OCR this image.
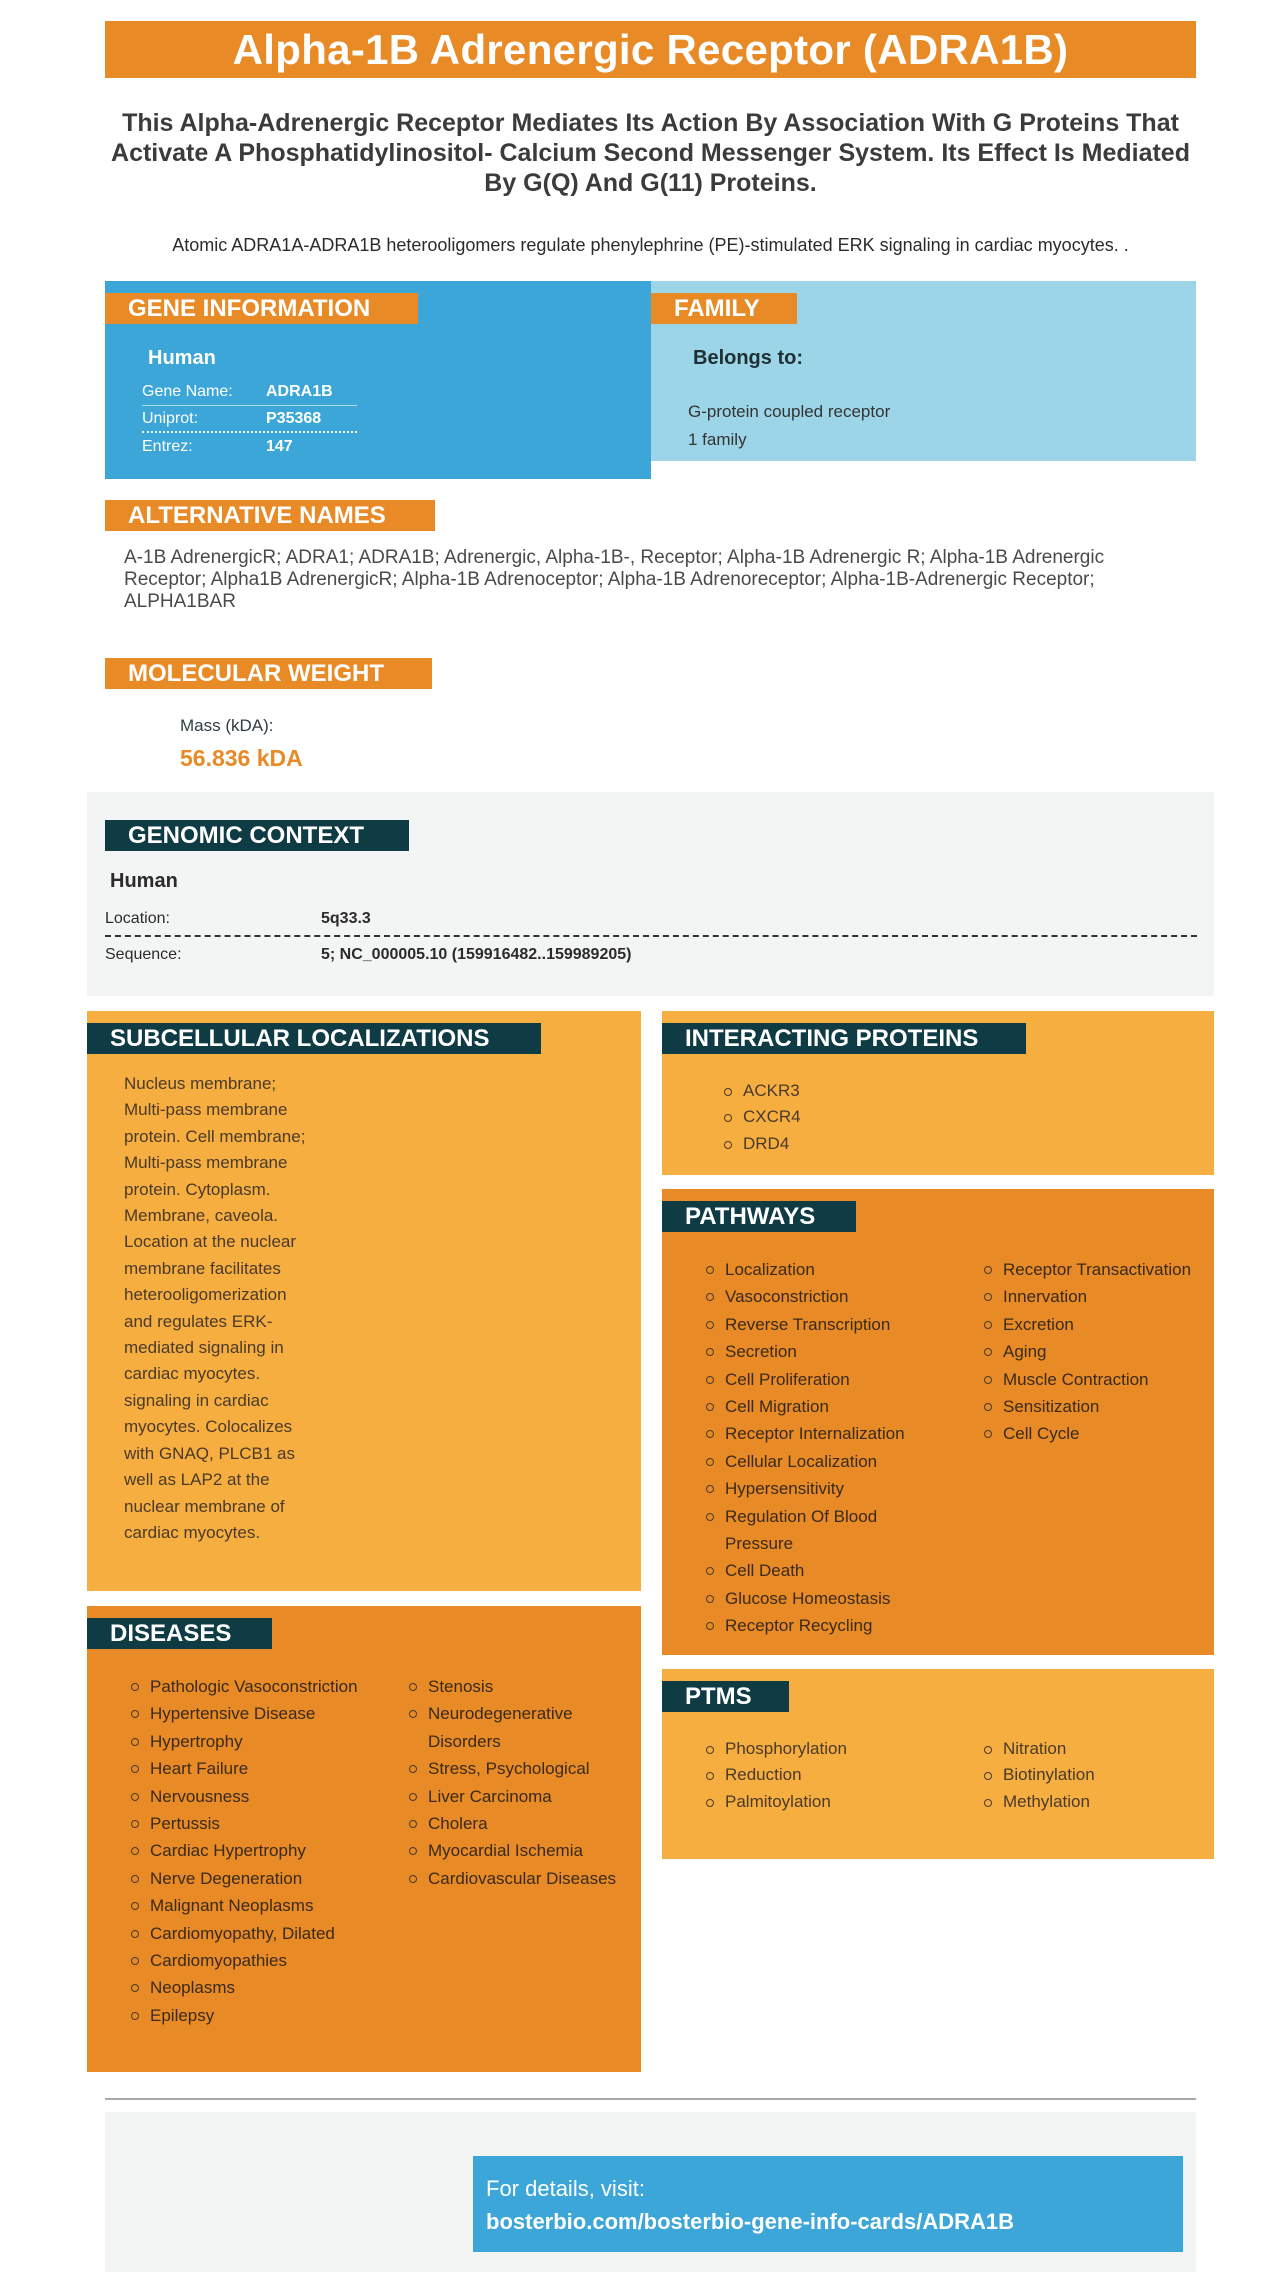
Alpha-1B Adrenergic Receptor (ADRA1B)
This Alpha-Adrenergic Receptor Mediates Its Action By Association With G Proteins That Activate A Phosphatidylinositol- Calcium Second Messenger System. Its Effect Is Mediated By G(Q) And G(11) Proteins.
Atomic ADRA1A-ADRA1B heterooligomers regulate phenylephrine (PE)-stimulated ERK signaling in cardiac myocytes. .
GENE INFORMATION
Human
Gene Name:	ADRA1B
Uniprot:	P35368
Entrez:	147
FAMILY
Belongs to:
G-protein coupled receptor
1 family
ALTERNATIVE NAMES
A-1B AdrenergicR; ADRA1; ADRA1B; Adrenergic, Alpha-1B-, Receptor; Alpha-1B Adrenergic R; Alpha-1B Adrenergic Receptor; Alpha1B AdrenergicR; Alpha-1B Adrenoceptor; Alpha-1B Adrenoreceptor; Alpha-1B-Adrenergic Receptor; ALPHA1BAR
MOLECULAR WEIGHT
Mass (kDA):
56.836 kDA
GENOMIC CONTEXT
Human
Location:	5q33.3
Sequence:	5; NC_000005.10 (159916482..159989205)
SUBCELLULAR LOCALIZATIONS
Nucleus membrane; Multi-pass membrane protein. Cell membrane; Multi-pass membrane protein. Cytoplasm. Membrane, caveola. Location at the nuclear membrane facilitates heterooligomerization and regulates ERK-mediated signaling in cardiac myocytes. signaling in cardiac myocytes. Colocalizes with GNAQ, PLCB1 as well as LAP2 at the nuclear membrane of cardiac myocytes.
INTERACTING PROTEINS
ACKR3
CXCR4
DRD4
PATHWAYS
Localization
Vasoconstriction
Reverse Transcription
Secretion
Cell Proliferation
Cell Migration
Receptor Internalization
Cellular Localization
Hypersensitivity
Regulation Of Blood Pressure
Cell Death
Glucose Homeostasis
Receptor Recycling
Receptor Transactivation
Innervation
Excretion
Aging
Muscle Contraction
Sensitization
Cell Cycle
PTMS
Phosphorylation
Reduction
Palmitoylation
Nitration
Biotinylation
Methylation
DISEASES
Pathologic Vasoconstriction
Hypertensive Disease
Hypertrophy
Heart Failure
Nervousness
Pertussis
Cardiac Hypertrophy
Nerve Degeneration
Malignant Neoplasms
Cardiomyopathy, Dilated
Cardiomyopathies
Neoplasms
Epilepsy
Stenosis
Neurodegenerative Disorders
Stress, Psychological
Liver Carcinoma
Cholera
Myocardial Ischemia
Cardiovascular Diseases
For details, visit:
bosterbio.com/bosterbio-gene-info-cards/ADRA1B
